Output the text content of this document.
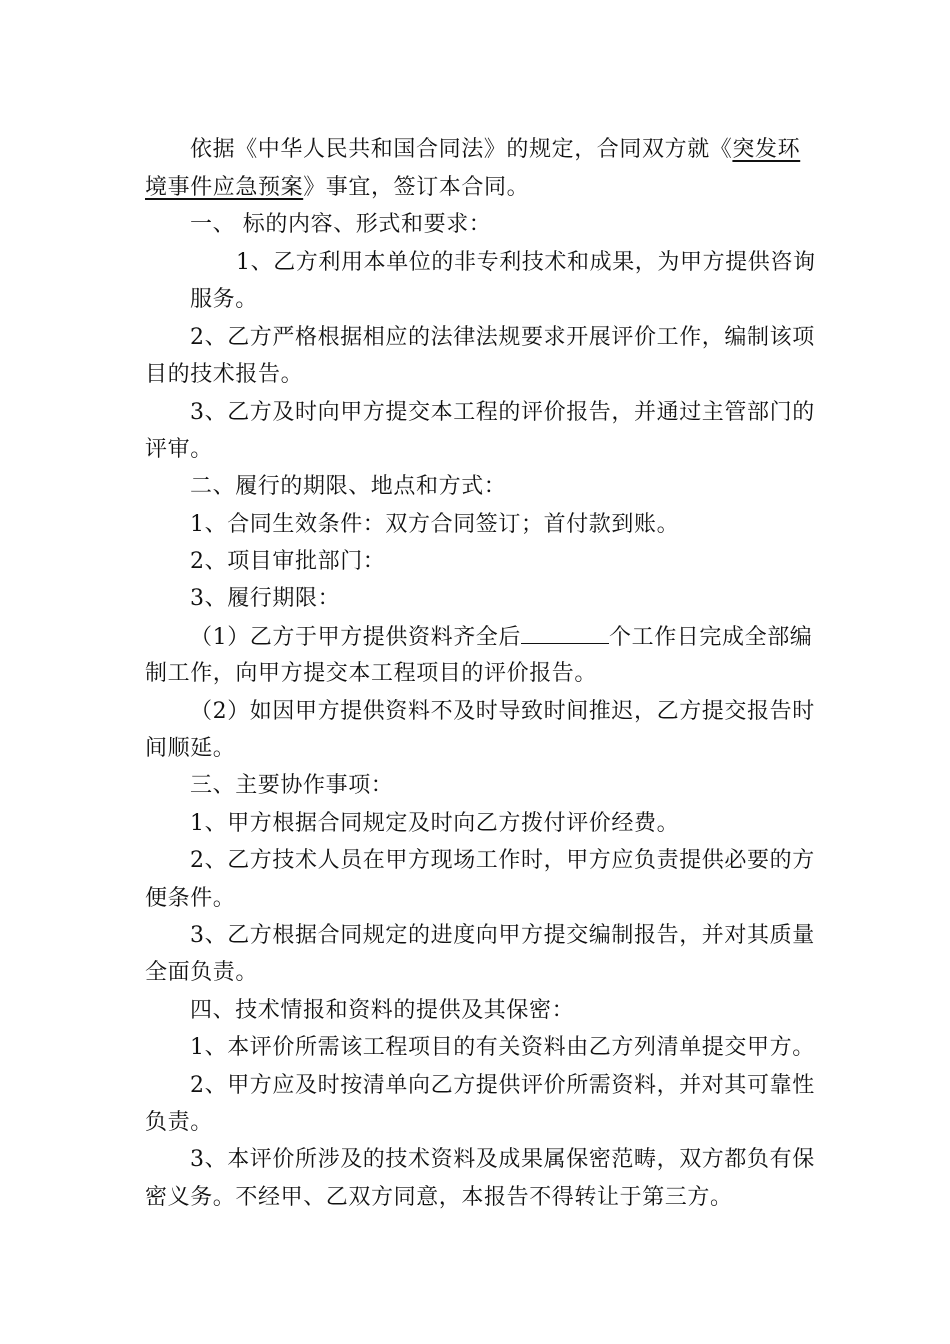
依据《中华人民共和国合同法》的规定，合同双方就《突发环
境事件应急预案》事宜，签订本合同。
一、 标的内容、形式和要求：
1、乙方利用本单位的非专利技术和成果，为甲方提供咨询
服务。
2、乙方严格根据相应的法律法规要求开展评价工作，编制该项
目的技术报告。
3、乙方及时向甲方提交本工程的评价报告，并通过主管部门的
评审。
二、履行的期限、地点和方式：
1、合同生效条件：双方合同签订；首付款到账。
2、项目审批部门：
3、履行期限：
（1）乙方于甲方提供资料齐全后	个工作日完成全部编
制工作，向甲方提交本工程项目的评价报告。
（2）如因甲方提供资料不及时导致时间推迟，乙方提交报告时
间顺延。
三、主要协作事项：
1、甲方根据合同规定及时向乙方拨付评价经费。
2、乙方技术人员在甲方现场工作时，甲方应负责提供必要的方
便条件。
3、乙方根据合同规定的进度向甲方提交编制报告，并对其质量
全面负责。
四、技术情报和资料的提供及其保密：
1、本评价所需该工程项目的有关资料由乙方列清单提交甲方。
2、甲方应及时按清单向乙方提供评价所需资料，并对其可靠性
负责。
3、本评价所涉及的技术资料及成果属保密范畴，双方都负有保
密义务。不经甲、乙双方同意，本报告不得转让于第三方。
